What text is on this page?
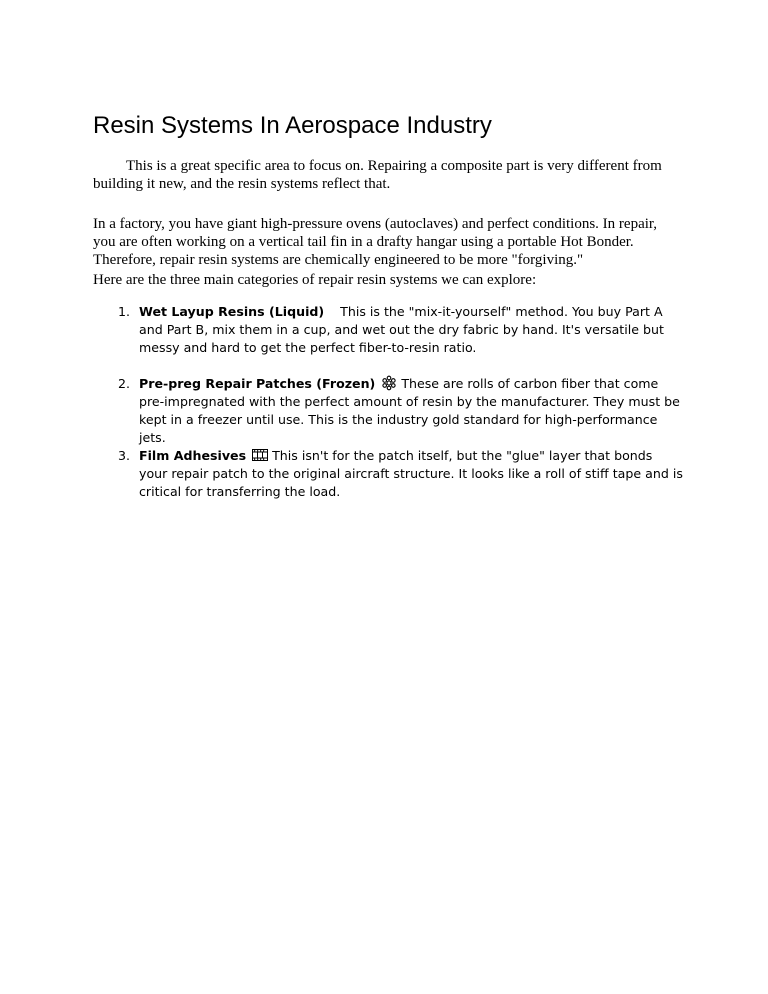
Resin Systems In Aerospace Industry

This is a great specific area to focus on. Repairing a composite part is very different from building it new, and the resin systems reflect that.

In a factory, you have giant high-pressure ovens (autoclaves) and perfect conditions. In repair, you are often working on a vertical tail fin in a drafty hangar using a portable Hot Bonder. Therefore, repair resin systems are chemically engineered to be more "forgiving."

Here are the three main categories of repair resin systems we can explore:

1. Wet Layup Resins (Liquid) This is the "mix-it-yourself" method. You buy Part A and Part B, mix them in a cup, and wet out the dry fabric by hand. It's versatile but messy and hard to get the perfect fiber-to-resin ratio.
2. Pre-preg Repair Patches (Frozen) These are rolls of carbon fiber that come pre-impregnated with the perfect amount of resin by the manufacturer. They must be kept in a freezer until use. This is the industry gold standard for high-performance jets.
3. Film Adhesives This isn't for the patch itself, but the "glue" layer that bonds your repair patch to the original aircraft structure. It looks like a roll of stiff tape and is critical for transferring the load.
